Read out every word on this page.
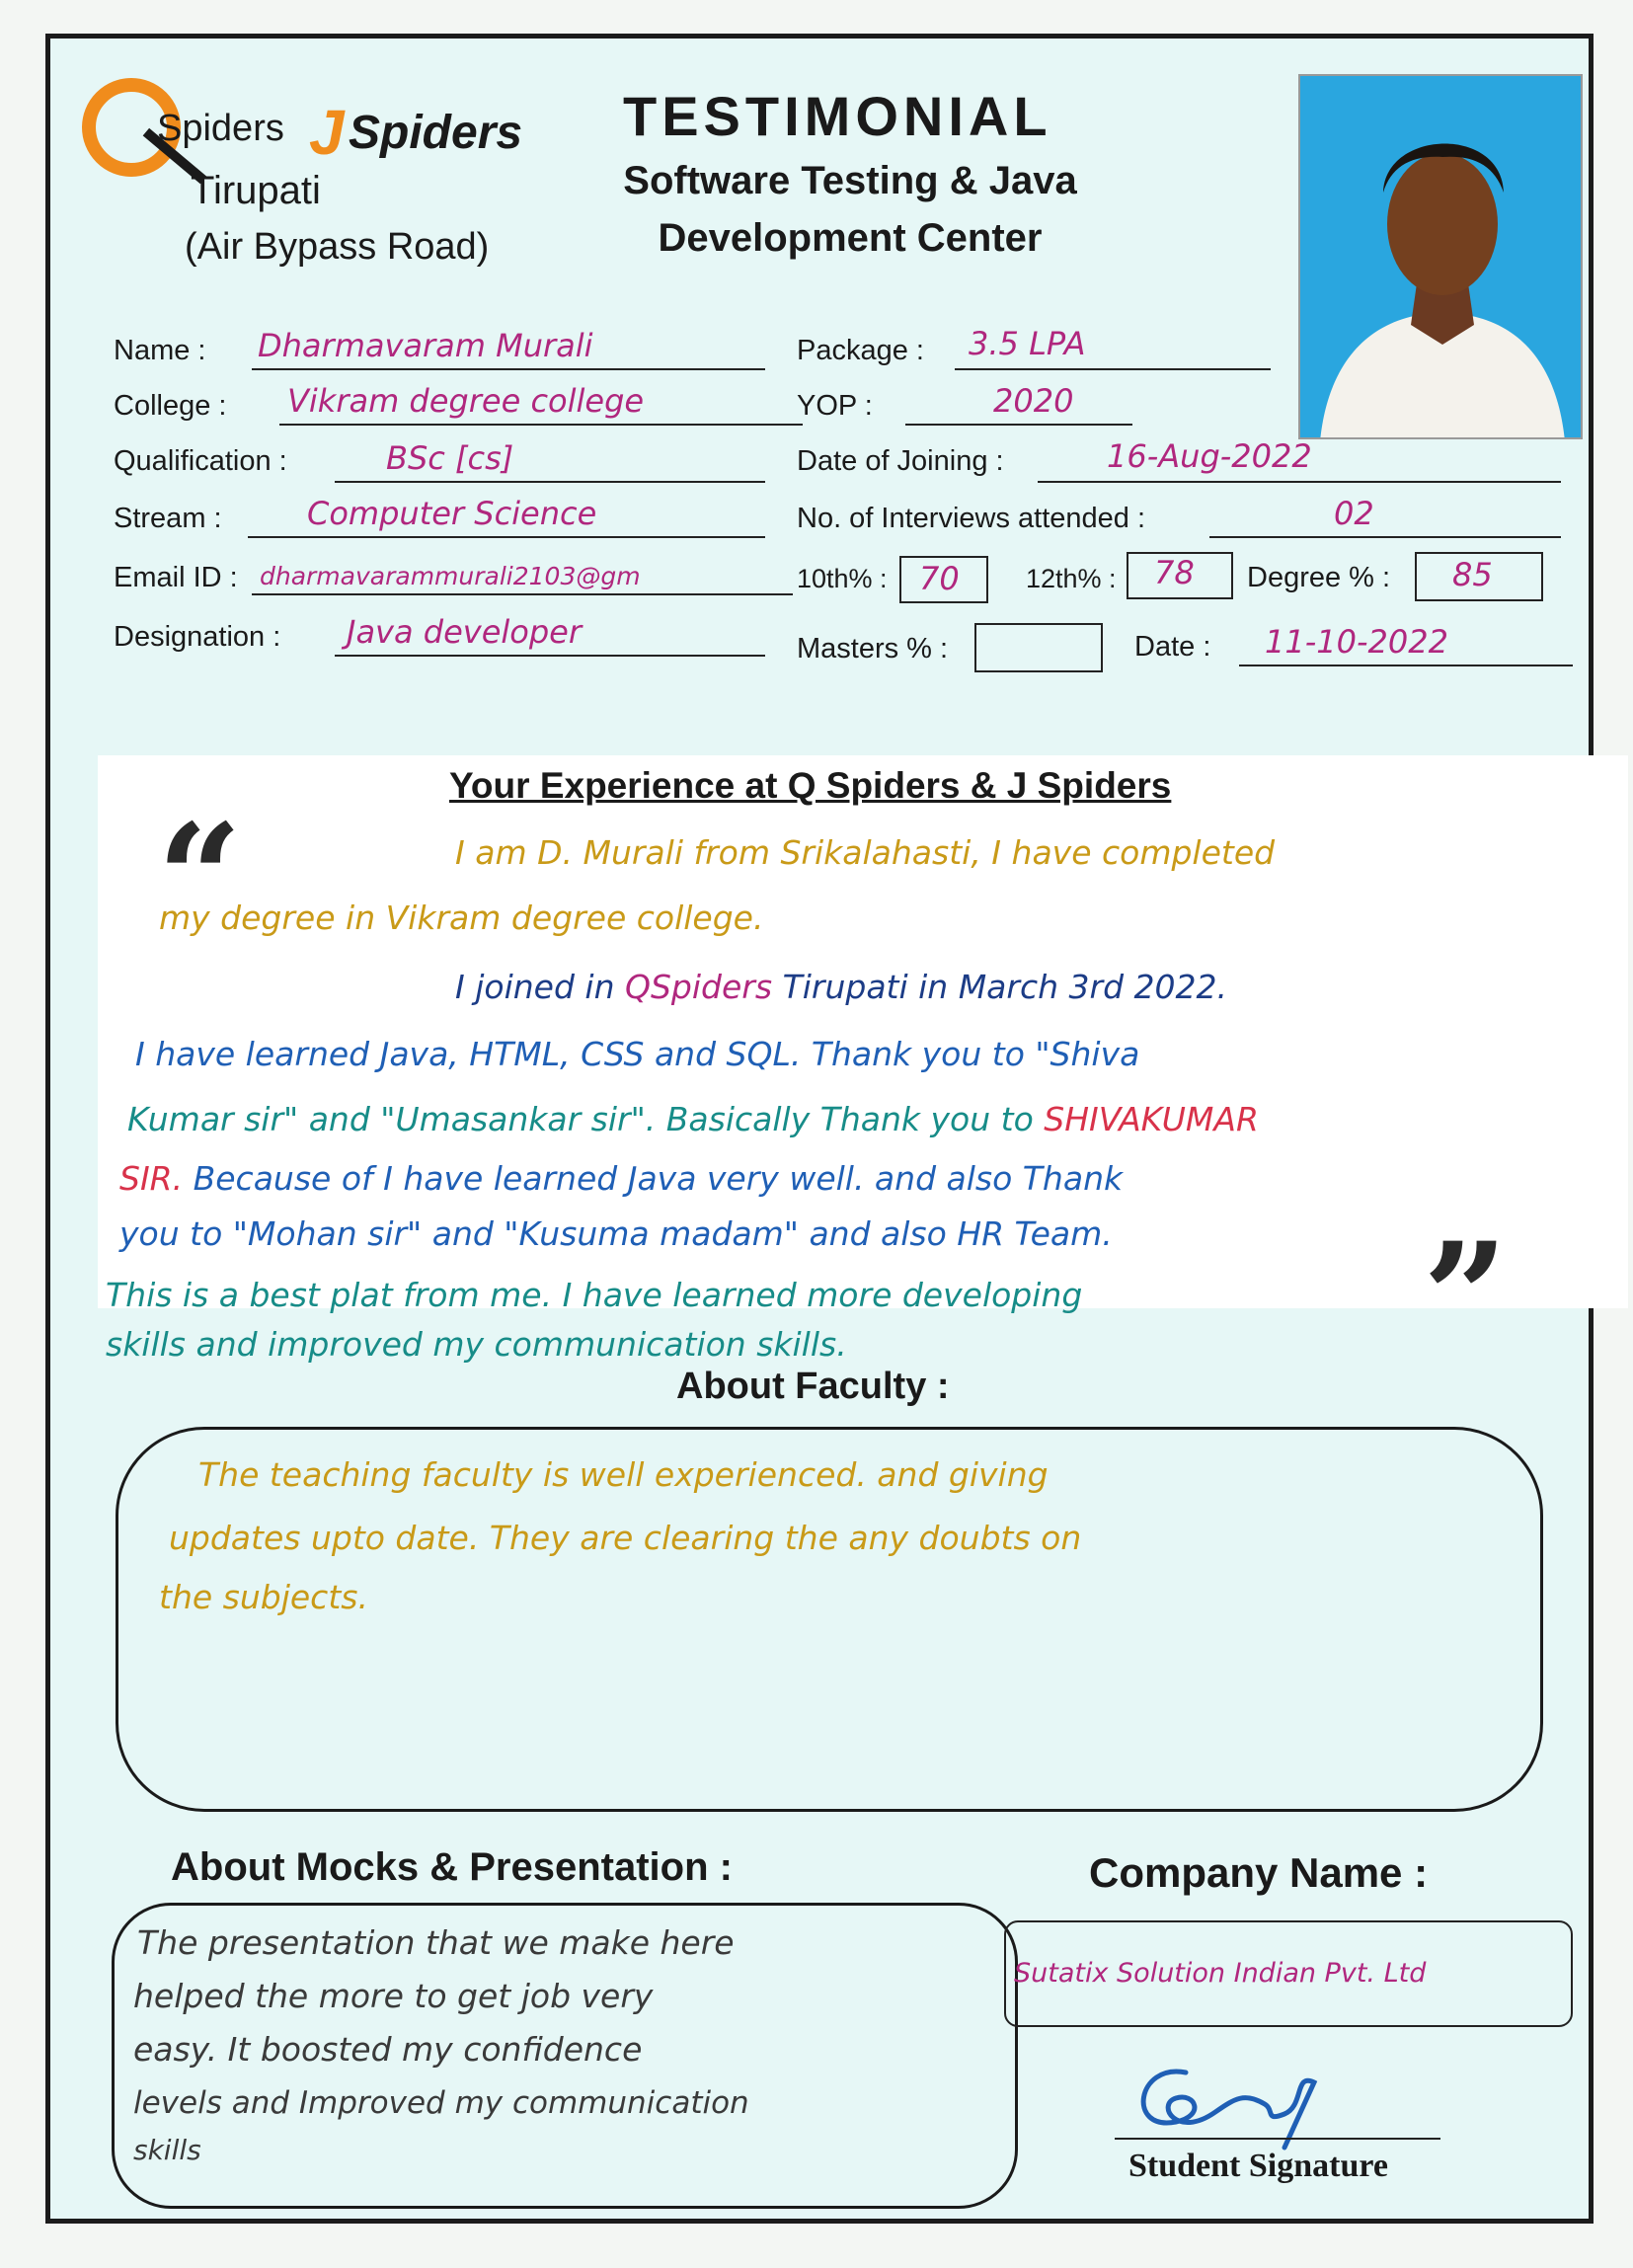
Spiders J Spiders
Tirupati
(Air Bypass Road)
TESTIMONIAL
Software Testing & Java
Development Center
Name : Dharmavaram Murali
College : Vikram degree college
Qualification :	BSc [cs]
Stream :	Computer Science
Email ID : dharmavarammurali2103@gm
Designation : Java developer
Package : 3.5 LPA
YOP :	2020
Date of Joining :	16-Aug-2022
No. of Interviews attended :	02
10th% : 70 12th% : 78 Degree % : 85
Masters % :	Date : 11-10-2022
Your Experience at Q Spiders & J Spiders
“
”
I am D. Murali from Srikalahasti, I have completed
my degree in Vikram degree college.
I joined in QSpiders Tirupati in March 3rd 2022.
I have learned Java, HTML, CSS and SQL. Thank you to "Shiva
Kumar sir" and "Umasankar sir". Basically Thank you to SHIVAKUMAR
SIR. Because of I have learned Java very well. and also Thank
you to "Mohan sir" and "Kusuma madam" and also HR Team.
This is a best plat from me. I have learned more developing
skills and improved my communication skills.
About Faculty :
The teaching faculty is well experienced. and giving
updates upto date. They are clearing the any doubts on
the subjects.
About Mocks & Presentation :
The presentation that we make here
helped the more to get job very
easy. It boosted my confidence
levels and Improved my communication
skills
Company Name :
Sutatix Solution Indian Pvt. Ltd
Student Signature
